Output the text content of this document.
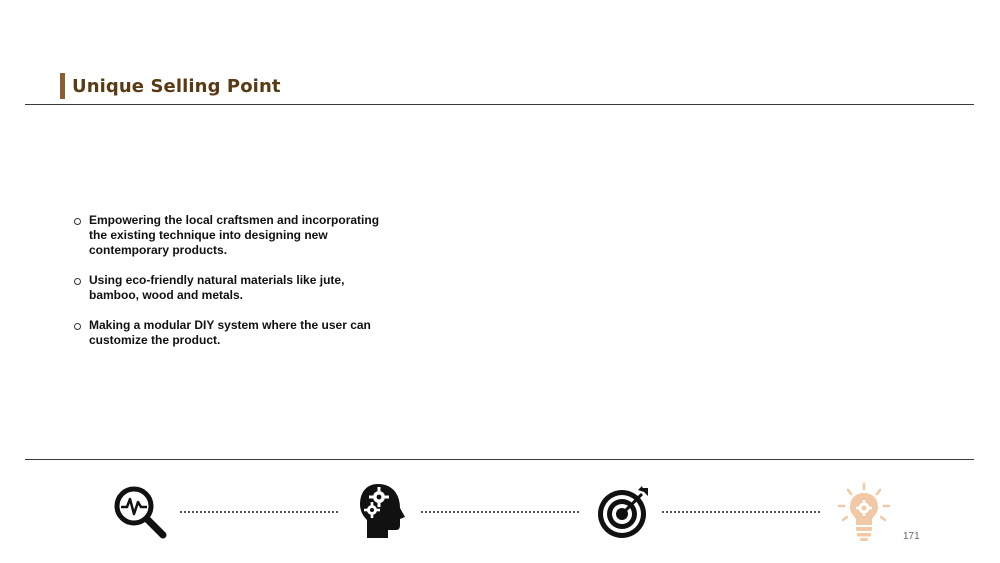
Unique Selling Point
Empowering the local craftsmen and incorporating the existing technique into designing new contemporary products.
Using eco-friendly natural materials like jute, bamboo, wood and metals.
Making a modular DIY system where the user can customize the product.
171
